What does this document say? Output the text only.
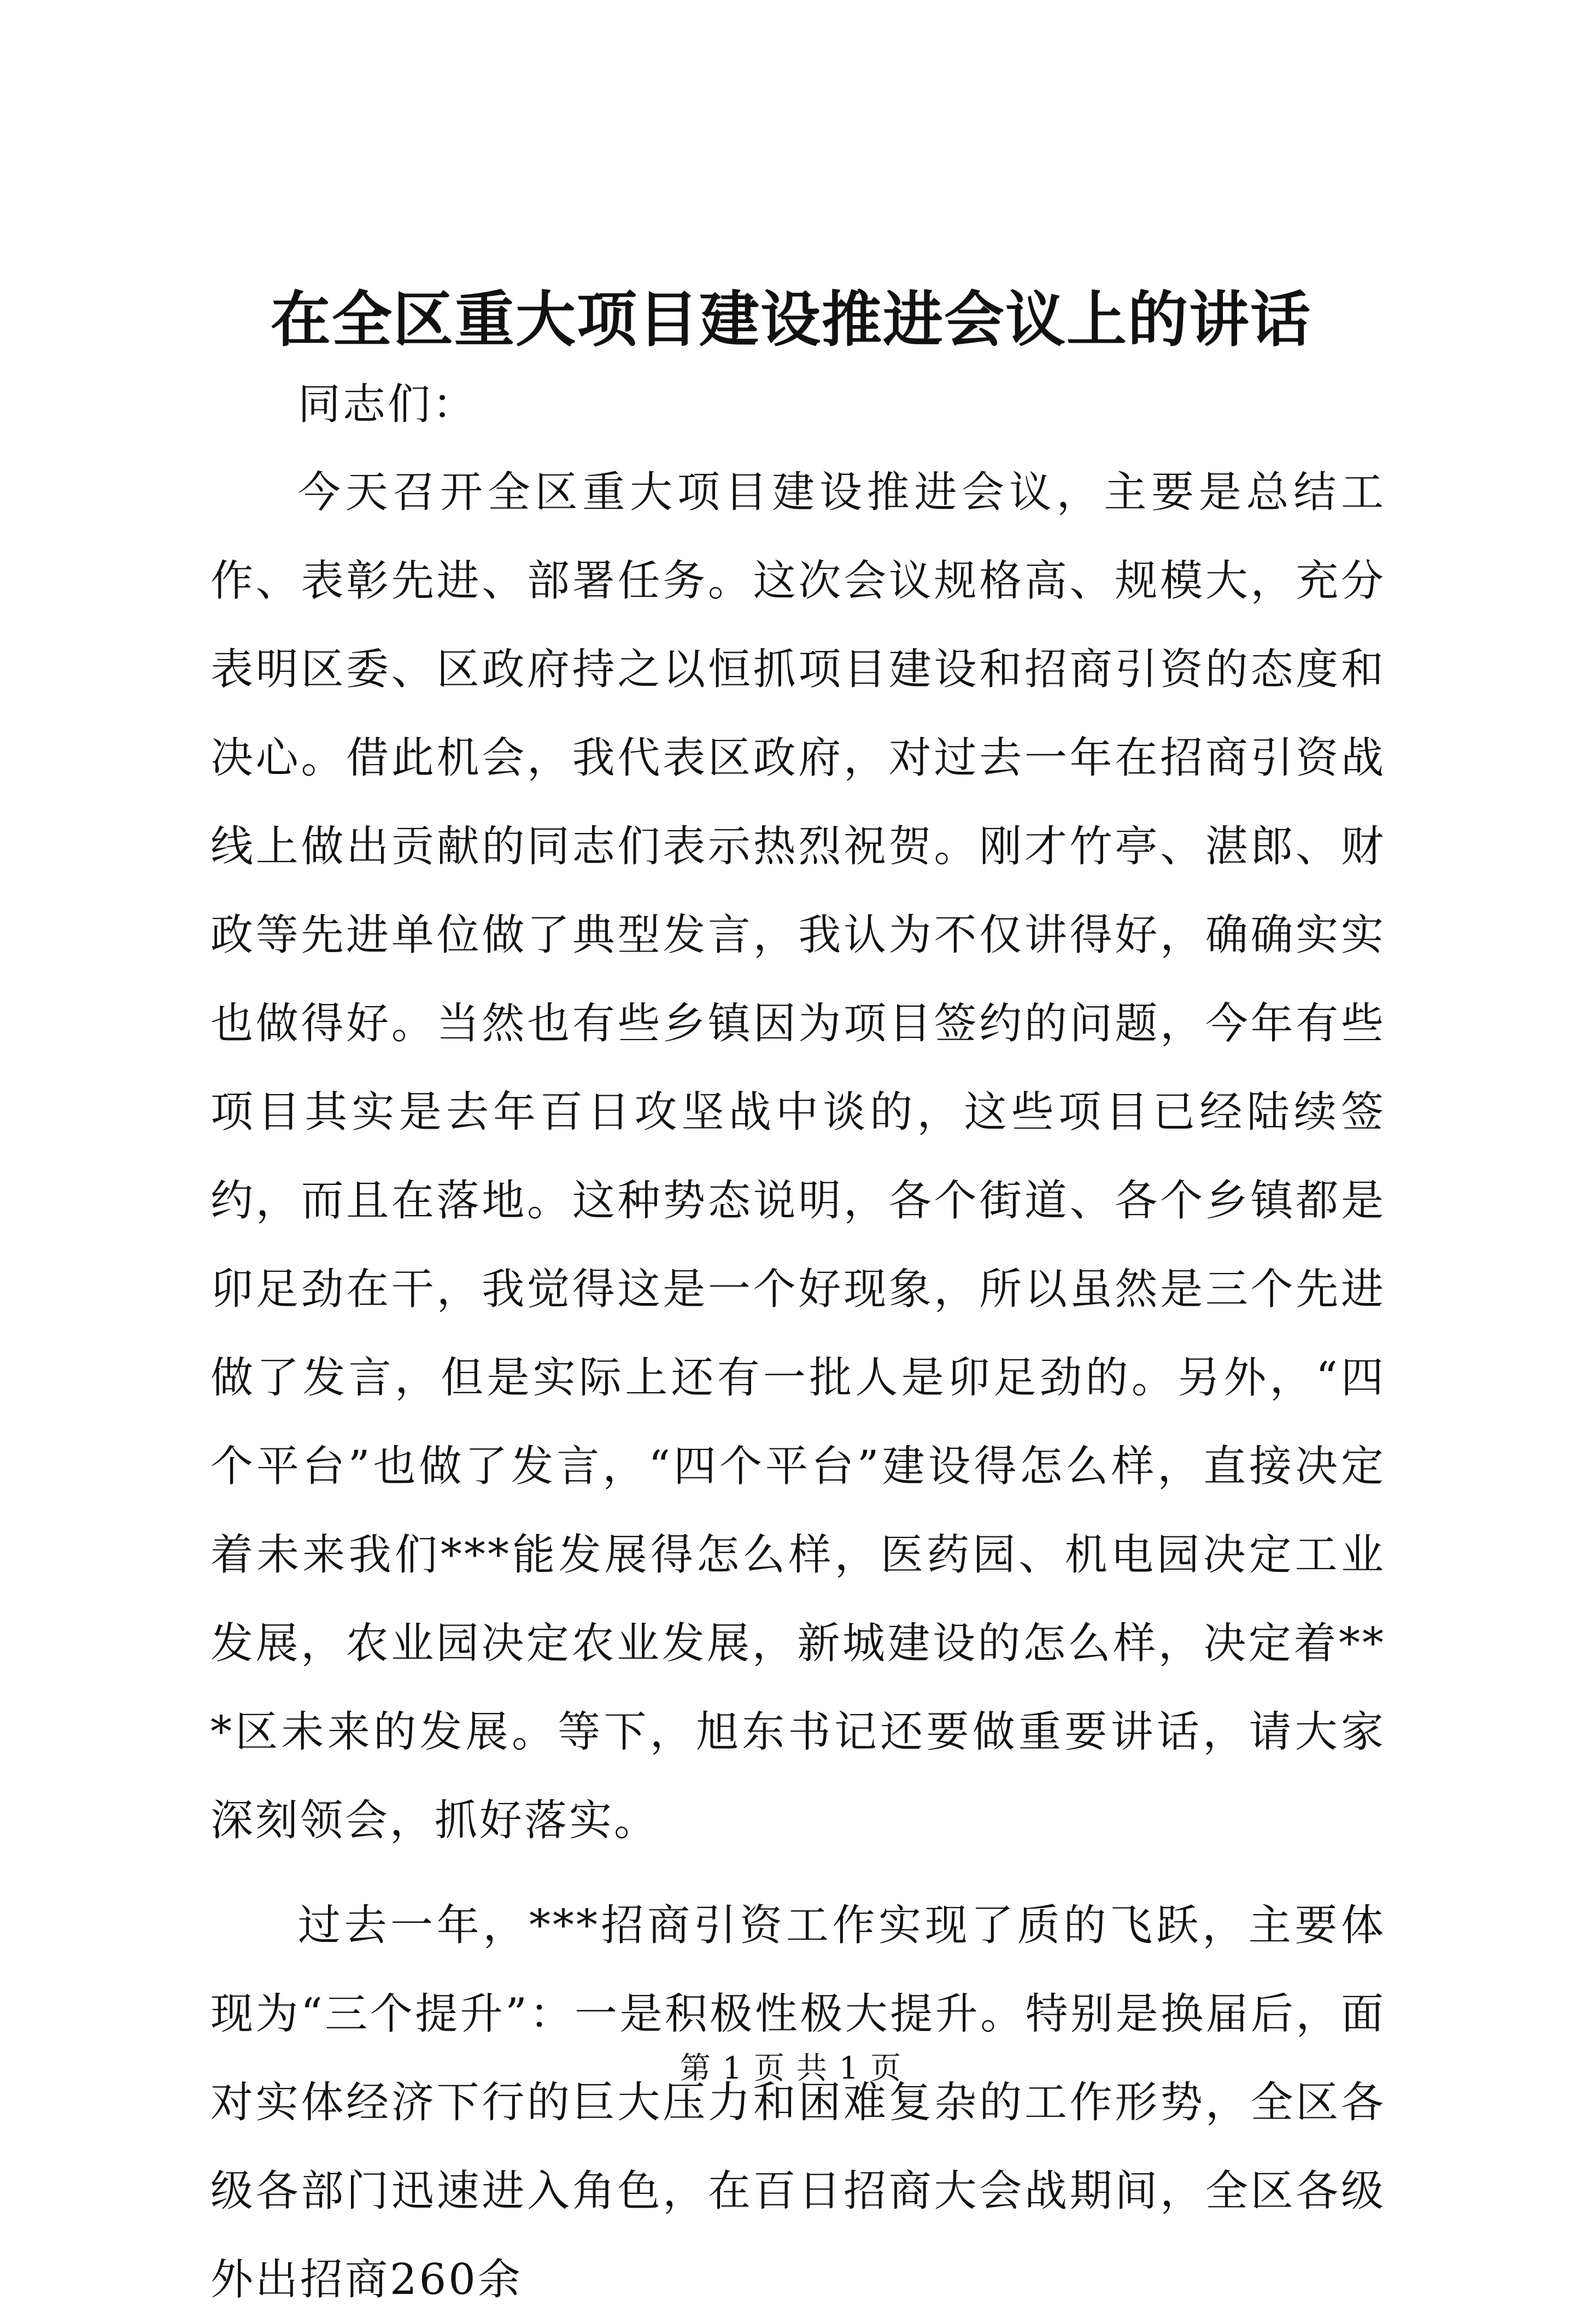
在全区重大项目建设推进会议上的讲话

同志们：

今天召开全区重大项目建设推进会议，主要是总结工作、表彰先进、部署任务。这次会议规格高、规模大，充分表明区委、区政府持之以恒抓项目建设和招商引资的态度和决心。借此机会，我代表区政府，对过去一年在招商引资战线上做出贡献的同志们表示热烈祝贺。刚才竹亭、湛郎、财政等先进单位做了典型发言，我认为不仅讲得好，确确实实也做得好。当然也有些乡镇因为项目签约的问题，今年有些项目其实是去年百日攻坚战中谈的，这些项目已经陆续签约，而且在落地。这种势态说明，各个街道、各个乡镇都是卯足劲在干，我觉得这是一个好现象，所以虽然是三个先进做了发言，但是实际上还有一批人是卯足劲的。另外，“四个平台”也做了发言，“四个平台”建设得怎么样，直接决定着未来我们***能发展得怎么样，医药园、机电园决定工业发展，农业园决定农业发展，新城建设的怎么样，决定着***区未来的发展。等下，旭东书记还要做重要讲话，请大家深刻领会，抓好落实。

过去一年，***招商引资工作实现了质的飞跃，主要体现为“三个提升”：一是积极性极大提升。特别是换届后，面对实体经济下行的巨大压力和困难复杂的工作形势，全区各级各部门迅速进入角色，在百日招商大会战期间，全区各级外出招商260余

第 1 页 共 1 页
